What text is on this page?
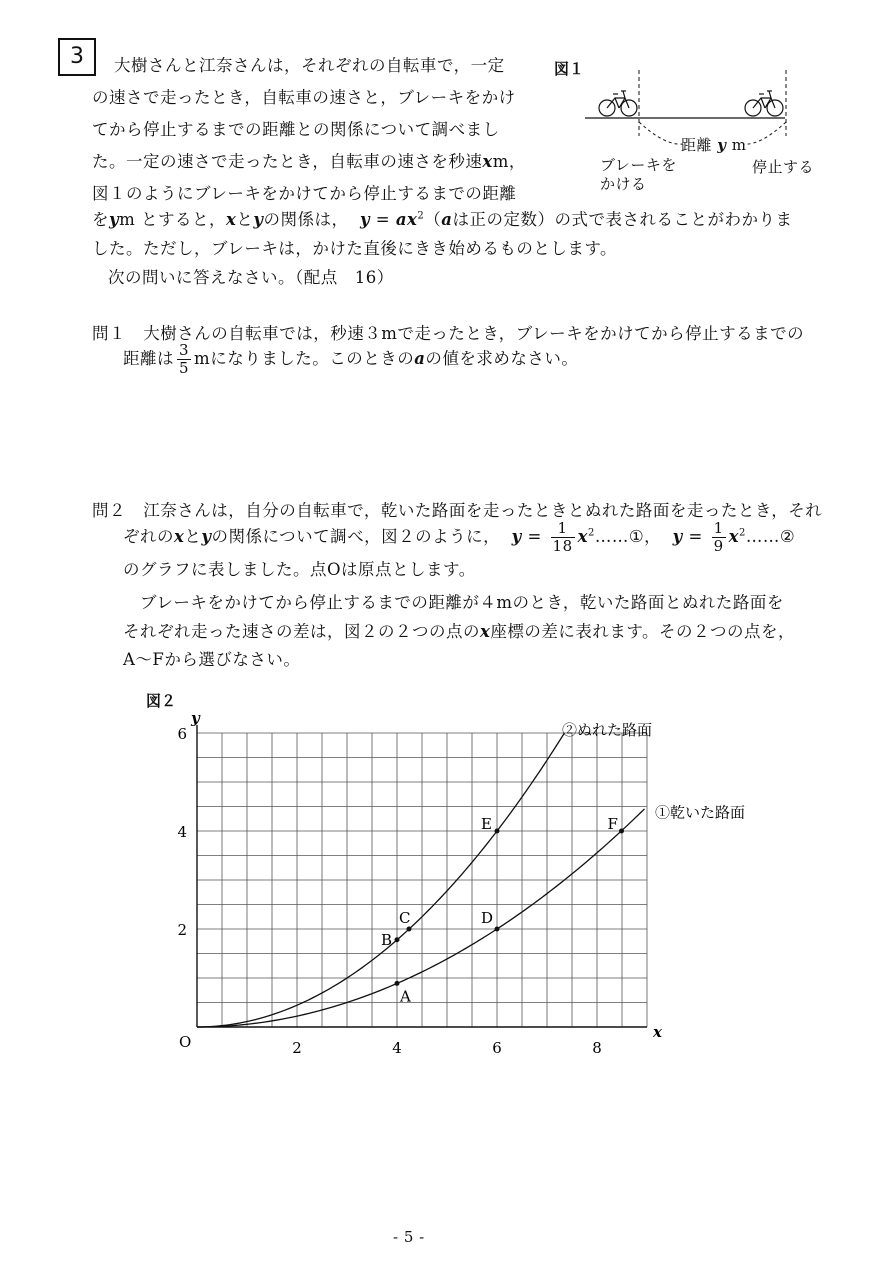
3	大樹さんと江奈さんは，それぞれの自転車で，一定
の速さで走ったとき，自転車の速さと，ブレーキをかけ
てから停止するまでの距離との関係について調べまし
た。一定の速さで走ったとき，自転車の速さを秒速xm，
図１のようにブレーキをかけてから停止するまでの距離
をym とすると，xとyの関係は， $y = ax^2(a$は正の定数）の式で表されることがわかりま
した。ただし，ブレーキは，かけた直後にきき始めるものとします。
次の問いに答えなさい。（配点　16）
図１
距離 y m
ブレーキを
かける
停止する
問１ 大樹さんの自転車では，秒速３mで走ったとき，ブレーキをかけてから停止するまでの
距離は $\frac{3}{5}$ mになりました。このときのaの値を求めなさい。
問２ 江奈さんは，自分の自転車で，乾いた路面を走ったときとぬれた路面を走ったとき，それ
ぞれのxとyの関係について調べ，図２のように， $y = \frac{1}{18}$ $x^2\dots\dots ①$， $y = \frac{1}{9}$ $x^2\dots\dots ②$
のグラフに表しました。点Oは原点とします。
ブレーキをかけてから停止するまでの距離が４mのとき，乾いた路面とぬれた路面を
それぞれ走った速さの差は，図２の２つの点のx座標の差に表れます。その２つの点を，
A～Fから選びなさい。
図２
2	4	6	8
2
4
6
O
x
y
②ぬれた路面
①乾いた路面
A
B
C	D
E	F
- 5 -
